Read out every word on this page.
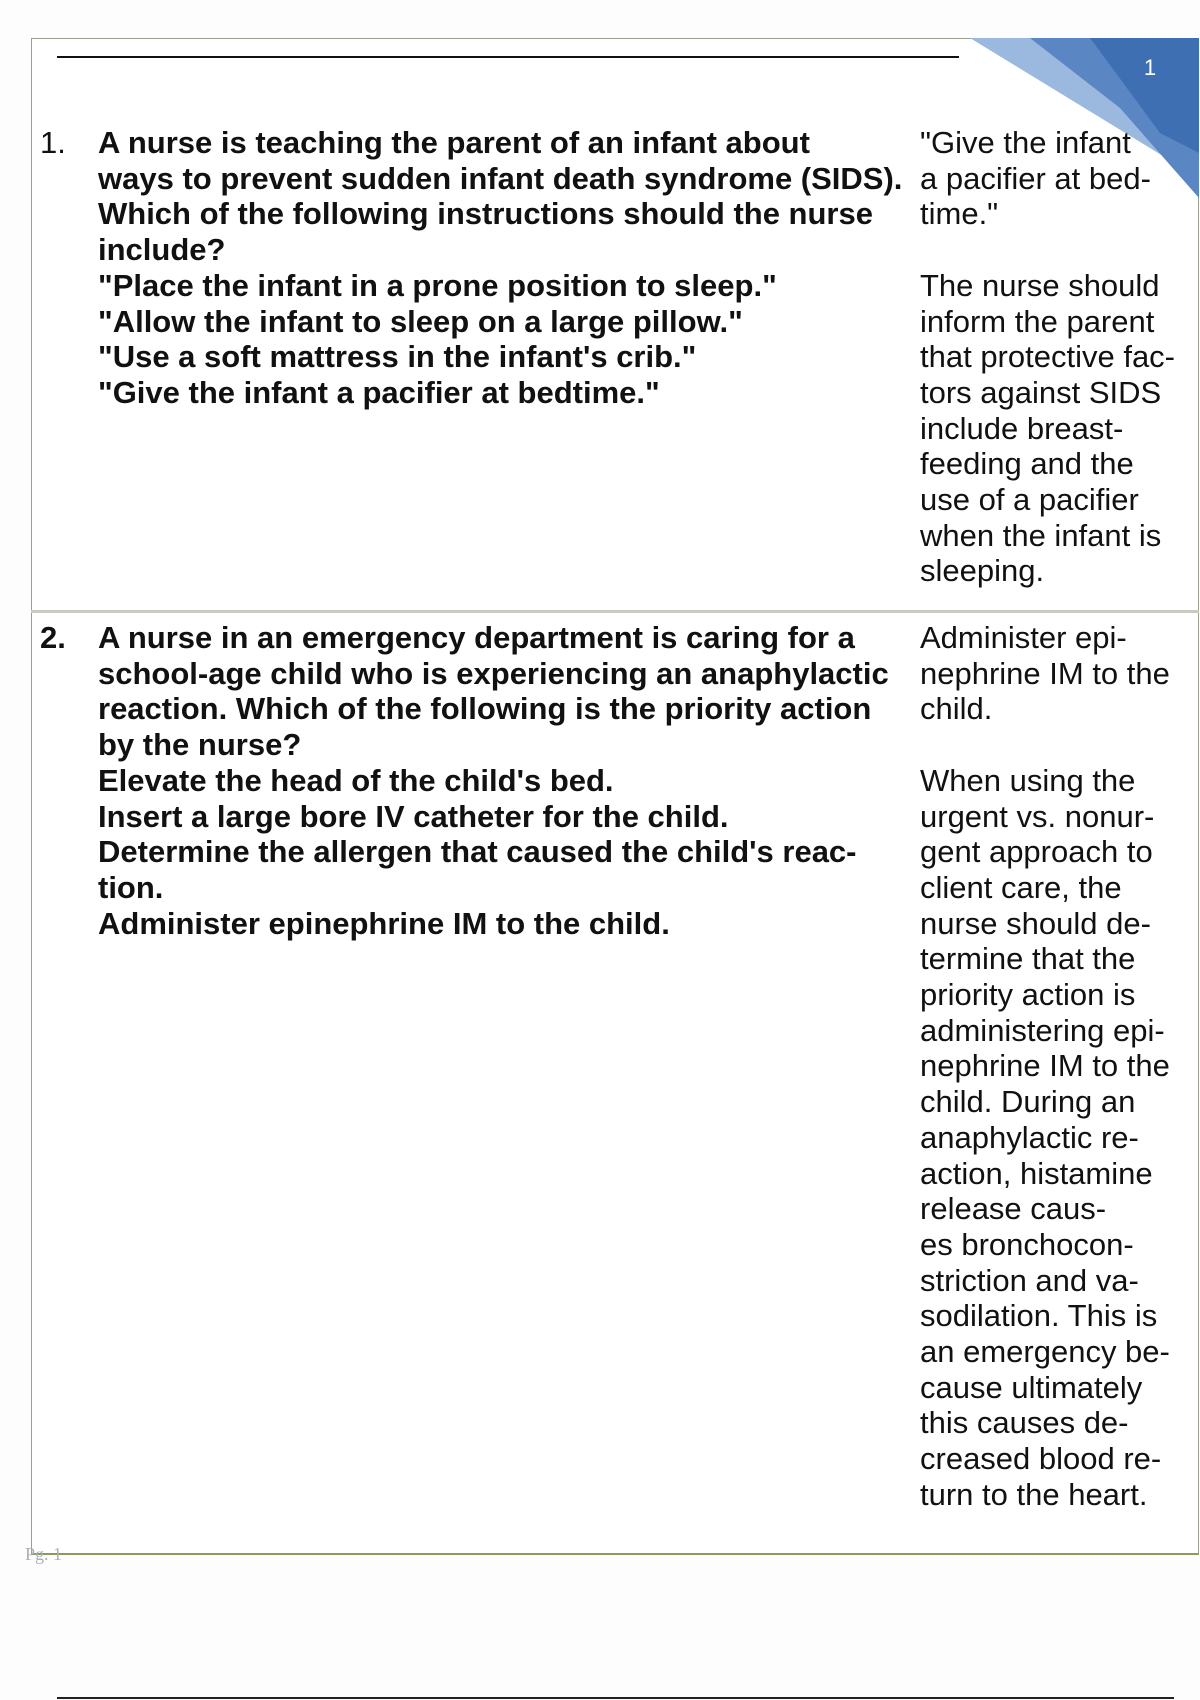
1
1. A nurse is teaching the parent of an infant about
ways to prevent sudden infant death syndrome (SIDS).
Which of the following instructions should the nurse
include?
"Place the infant in a prone position to sleep."
"Allow the infant to sleep on a large pillow."
"Use a soft mattress in the infant's crib."
"Give the infant a pacifier at bedtime."
"Give the infant
a pacifier at bed-
time."
The nurse should
inform the parent
that protective fac-
tors against SIDS
include breast-
feeding and the
use of a pacifier
when the infant is
sleeping.
2. A nurse in an emergency department is caring for a
school-age child who is experiencing an anaphylactic
reaction. Which of the following is the priority action
by the nurse?
Elevate the head of the child's bed.
Insert a large bore IV catheter for the child.
Determine the allergen that caused the child's reac-
tion.
Administer epinephrine IM to the child.
Administer epi-
nephrine IM to the
child.
When using the
urgent vs. nonur-
gent approach to
client care, the
nurse should de-
termine that the
priority action is
administering epi-
nephrine IM to the
child. During an
anaphylactic re-
action, histamine
release caus-
es bronchocon-
striction and va-
sodilation. This is
an emergency be-
cause ultimately
this causes de-
creased blood re-
turn to the heart.
Pg. 1
